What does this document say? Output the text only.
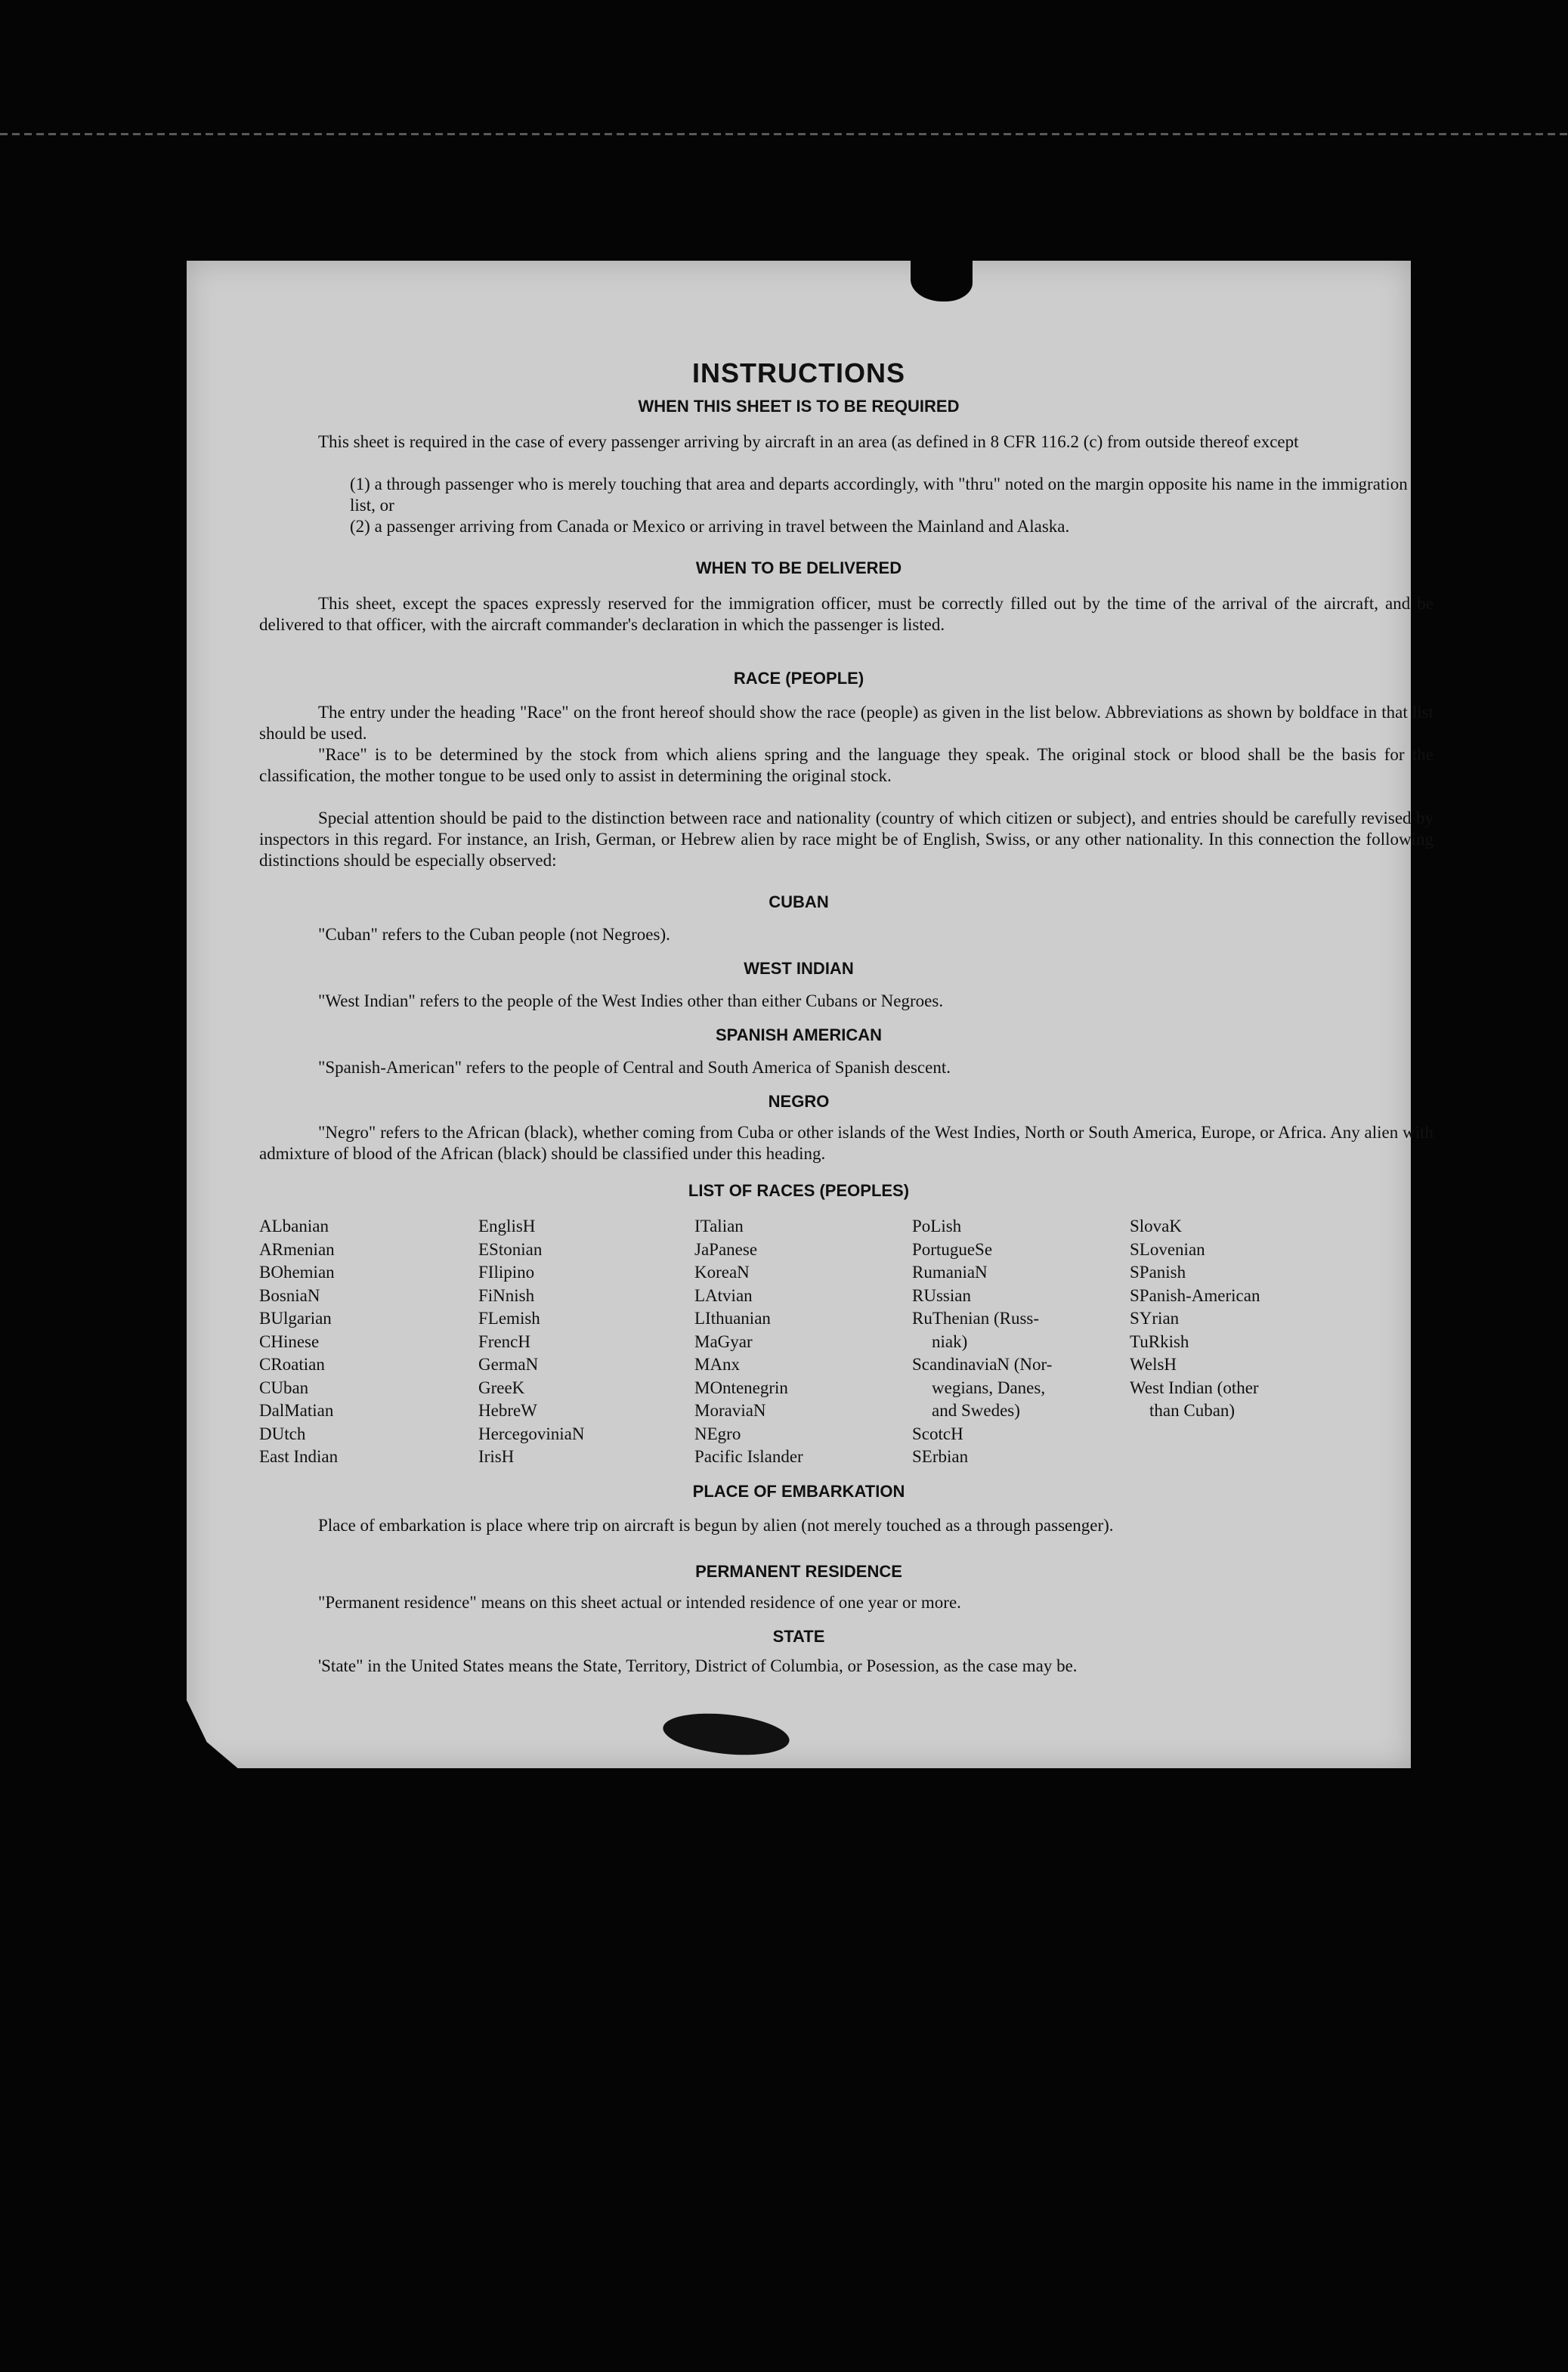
INSTRUCTIONS
WHEN THIS SHEET IS TO BE REQUIRED
This sheet is required in the case of every passenger arriving by aircraft in an area (as defined in 8 CFR 116.2 (c) from outside thereof except
(1) a through passenger who is merely touching that area and departs accordingly, with "thru" noted on the margin opposite his name in the immigration list, or
(2) a passenger arriving from Canada or Mexico or arriving in travel between the Mainland and Alaska.
WHEN TO BE DELIVERED
This sheet, except the spaces expressly reserved for the immigration officer, must be correctly filled out by the time of the arrival of the aircraft, and be delivered to that officer, with the aircraft commander's declaration in which the passenger is listed.
RACE (PEOPLE)
The entry under the heading "Race" on the front hereof should show the race (people) as given in the list below. Abbreviations as shown by boldface in that list should be used.
"Race" is to be determined by the stock from which aliens spring and the language they speak. The original stock or blood shall be the basis for the classification, the mother tongue to be used only to assist in determining the original stock.
Special attention should be paid to the distinction between race and nationality (country of which citizen or subject), and entries should be carefully revised by inspectors in this regard. For instance, an Irish, German, or Hebrew alien by race might be of English, Swiss, or any other nationality. In this connection the following distinctions should be especially observed:
CUBAN
"Cuban" refers to the Cuban people (not Negroes).
WEST INDIAN
"West Indian" refers to the people of the West Indies other than either Cubans or Negroes.
SPANISH AMERICAN
"Spanish-American" refers to the people of Central and South America of Spanish descent.
NEGRO
"Negro" refers to the African (black), whether coming from Cuba or other islands of the West Indies, North or South America, Europe, or Africa. Any alien with admixture of blood of the African (black) should be classified under this heading.
LIST OF RACES (PEOPLES)
ALbanian
ARmenian
BOhemian
BosniaN
BUlgarian
CHinese
CRoatian
CUban
DalMatian
DUtch
East Indian
EnglisH
EStonian
FIlipino
FiNnish
FLemish
FrencH
GermaN
GreeK
HebreW
HercegoviniaN
IrisH
ITalian
JaPanese
KoreaN
LAtvian
LIthuanian
MaGyar
MAnx
MOntenegrin
MoraviaN
NEgro
Pacific Islander
PoLish
PortugueSe
RumaniaN
RUssian
RuThenian (Russ-
niak)
ScandinaviaN (Nor-
wegians, Danes,
and Swedes)
ScotcH
SErbian
SlovaK
SLovenian
SPanish
SPanish-American
SYrian
TuRkish
WelsH
West Indian (other
than Cuban)
PLACE OF EMBARKATION
Place of embarkation is place where trip on aircraft is begun by alien (not merely touched as a through passenger).
PERMANENT RESIDENCE
"Permanent residence" means on this sheet actual or intended residence of one year or more.
STATE
'State" in the United States means the State, Territory, District of Columbia, or Posession, as the case may be.
